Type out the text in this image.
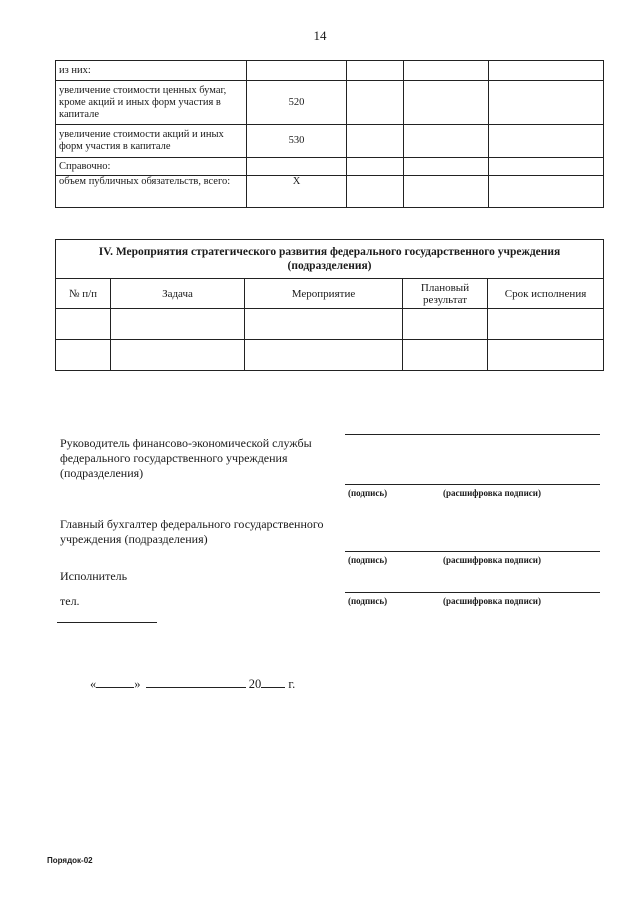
14
из них:				
увеличение стоимости ценных бумаг, кроме акций и иных форм участия в капитале	520			
увеличение стоимости акций и иных форм участия в капитале	530			
Справочно:				
объем публичных обязательств, всего:	X			
IV. Мероприятия стратегического развития федерального государственного учреждения (подразделения)				
№ п/п	Задача	Мероприятие	Плановый результат	Срок исполнения

Руководитель финансово-экономической службы федерального государственного учреждения (подразделения)
(подпись)	(расшифровка подписи)
Главный бухгалтер федерального государственного учреждения (подразделения)
(подпись)	(расшифровка подписи)
Исполнитель
(подпись)	(расшифровка подписи)
тел.
«	»	20 г.
Порядок-02
